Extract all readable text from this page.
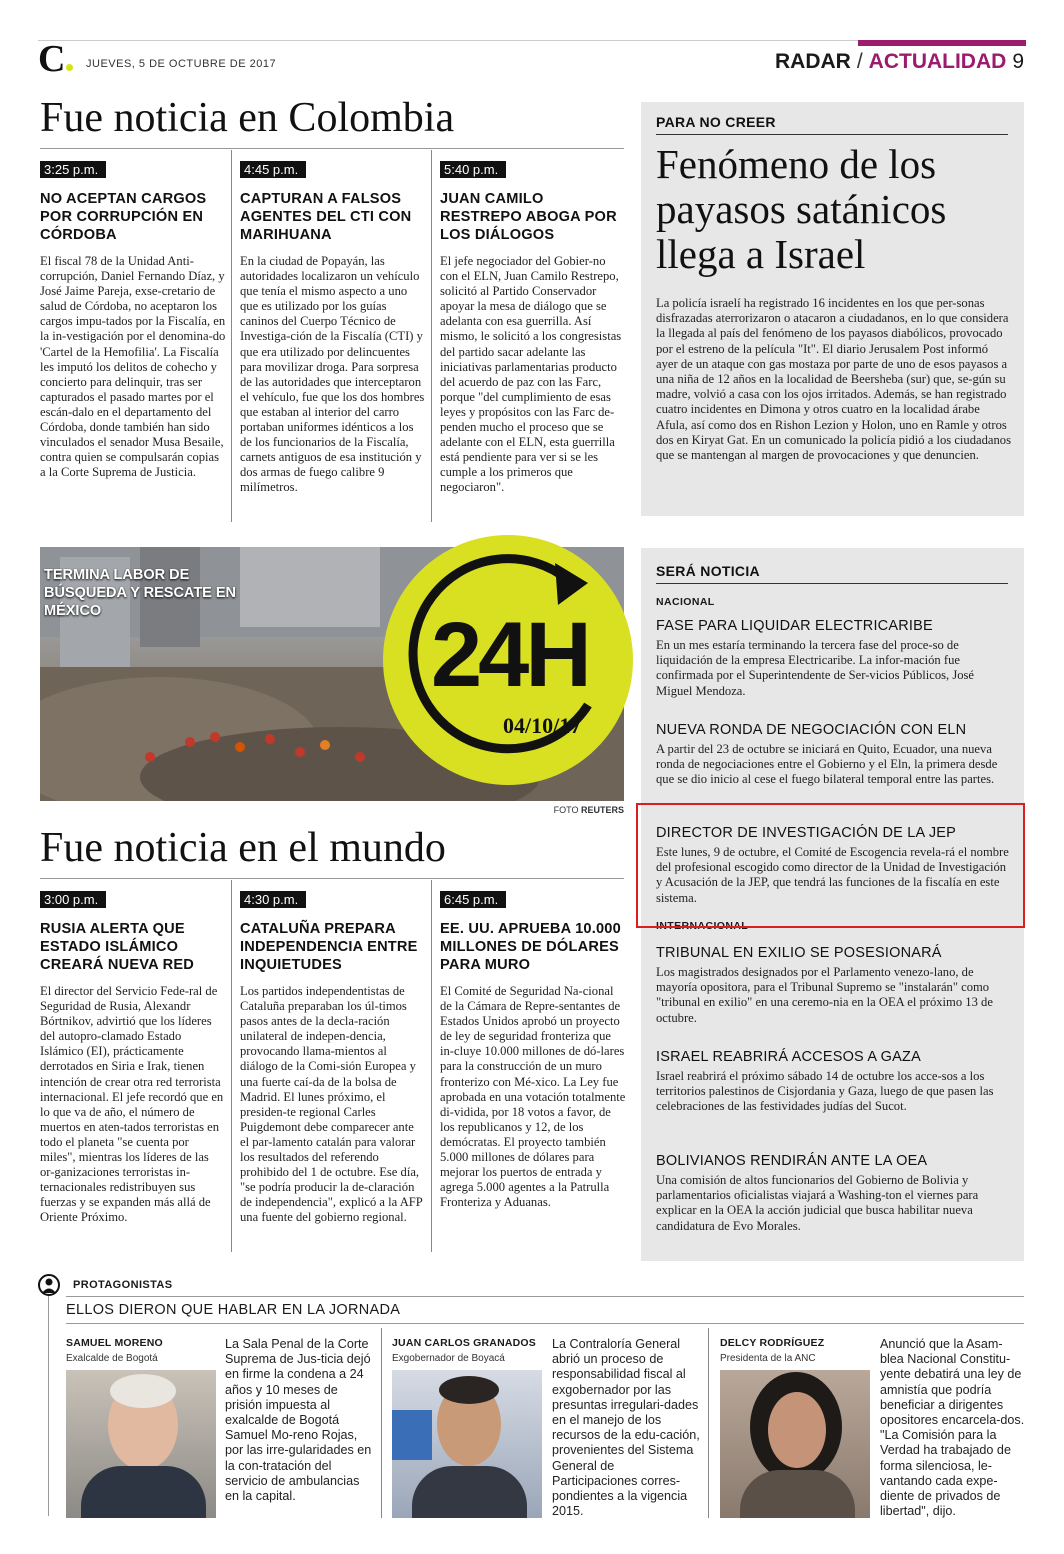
C	JUEVES, 5 DE OCTUBRE DE 2017	RADAR / ACTUALIDAD 9
Fue noticia en Colombia
3:25 p.m.
NO ACEPTAN CARGOS POR CORRUPCIÓN EN CÓRDOBA
El fiscal 78 de la Unidad Anti-corrupción, Daniel Fernando Díaz, y José Jaime Pareja, exse-cretario de salud de Córdoba, no aceptaron los cargos impu-tados por la Fiscalía, en la in-vestigación por el denomina-do 'Cartel de la Hemofilia'. La Fiscalía les imputó los delitos de cohecho y concierto para delinquir, tras ser capturados el pasado martes por el escán-dalo en el departamento del Córdoba, donde también han sido vinculados el senador Musa Besaile, contra quien se compulsarán copias a la Corte Suprema de Justicia.
4:45 p.m.
CAPTURAN A FALSOS AGENTES DEL CTI CON MARIHUANA
En la ciudad de Popayán, las autoridades localizaron un vehículo que tenía el mismo aspecto a uno que es utilizado por los guías caninos del Cuerpo Técnico de Investiga-ción de la Fiscalía (CTI) y que era utilizado por delincuentes para movilizar droga. Para sorpresa de las autoridades que interceptaron el vehículo, fue que los dos hombres que estaban al interior del carro portaban uniformes idénticos a los de los funcionarios de la Fiscalía, carnets antiguos de esa institución y dos armas de fuego calibre 9 milímetros.
5:40 p.m.
JUAN CAMILO RESTREPO ABOGA POR LOS DIÁLOGOS
El jefe negociador del Gobier-no con el ELN, Juan Camilo Restrepo, solicitó al Partido Conservador apoyar la mesa de diálogo que se adelanta con esa guerrilla. Así mismo, le solicitó a los congresistas del partido sacar adelante las iniciativas parlamentarias producto del acuerdo de paz con las Farc, porque "del cumplimiento de esas leyes y propósitos con las Farc de-penden mucho el proceso que se adelante con el ELN, esta guerrilla está pendiente para ver si se les cumple a los primeros que negociaron".
24H
04/10/17
TERMINA LABOR DE BÚSQUEDA Y RESCATE EN MÉXICO
FOTO REUTERS
Fue noticia en el mundo
3:00 p.m.
RUSIA ALERTA QUE ESTADO ISLÁMICO CREARÁ NUEVA RED
El director del Servicio Fede-ral de Seguridad de Rusia, Alexandr Bórtnikov, advirtió que los líderes del autopro-clamado Estado Islámico (EI), prácticamente derrotados en Siria e Irak, tienen intención de crear otra red terrorista internacional. El jefe recordó que en lo que va de año, el número de muertos en aten-tados terroristas en todo el planeta "se cuenta por miles", mientras los líderes de las or-ganizaciones terroristas in-ternacionales redistribuyen sus fuerzas y se expanden más allá de Oriente Próximo.
4:30 p.m.
CATALUÑA PREPARA INDEPENDENCIA ENTRE INQUIETUDES
Los partidos independentistas de Cataluña preparaban los úl-timos pasos antes de la decla-ración unilateral de indepen-dencia, provocando llama-mientos al diálogo de la Comi-sión Europea y una fuerte caí-da de la bolsa de Madrid. El lunes próximo, el presiden-te regional Carles Puigdemont debe comparecer ante el par-lamento catalán para valorar los resultados del referendo prohibido del 1 de octubre. Ese día, "se podría producir la de-claración de independencia", explicó a la AFP una fuente del gobierno regional.
6:45 p.m.
EE. UU. APRUEBA 10.000 MILLONES DE DÓLARES PARA MURO
El Comité de Seguridad Na-cional de la Cámara de Repre-sentantes de Estados Unidos aprobó un proyecto de ley de seguridad fronteriza que in-cluye 10.000 millones de dó-lares para la construcción de un muro fronterizo con Mé-xico. La Ley fue aprobada en una votación totalmente di-vidida, por 18 votos a favor, de los republicanos y 12, de los demócratas. El proyecto también 5.000 millones de dólares para mejorar los puertos de entrada y agrega 5.000 agentes a la Patrulla Fronteriza y Aduanas.
PARA NO CREER
Fenómeno de los payasos satánicos llega a Israel
La policía israelí ha registrado 16 incidentes en los que per-sonas disfrazadas aterrorizaron o atacaron a ciudadanos, en lo que considera la llegada al país del fenómeno de los payasos diabólicos, provocado por el estreno de la película "It". El diario Jerusalem Post informó ayer de un ataque con gas mostaza por parte de uno de esos payasos a una niña de 12 años en la localidad de Beersheba (sur) que, se-gún su madre, volvió a casa con los ojos irritados. Además, se han registrado cuatro incidentes en Dimona y otros cuatro en la localidad árabe Afula, así como dos en Rishon Lezion y Holon, uno en Ramle y otros dos en Kiryat Gat. En un comunicado la policía pidió a los ciudadanos que se mantengan al margen de provocaciones y que denuncien.
SERÁ NOTICIA
NACIONAL
FASE PARA LIQUIDAR ELECTRICARIBE
En un mes estaría terminando la tercera fase del proce-so de liquidación de la empresa Electricaribe. La infor-mación fue confirmada por el Superintendente de Ser-vicios Públicos, José Miguel Mendoza.
NUEVA RONDA DE NEGOCIACIÓN CON ELN
A partir del 23 de octubre se iniciará en Quito, Ecuador, una nueva ronda de negociaciones entre el Gobierno y el Eln, la primera desde que se dio inicio al cese el fuego bilateral temporal entre las partes.
DIRECTOR DE INVESTIGACIÓN DE LA JEP
Este lunes, 9 de octubre, el Comité de Escogencia revela-rá el nombre del profesional escogido como director de la Unidad de Investigación y Acusación de la JEP, que tendrá las funciones de la fiscalía en este sistema.
INTERNACIONAL
TRIBUNAL EN EXILIO SE POSESIONARÁ
Los magistrados designados por el Parlamento venezo-lano, de mayoría opositora, para el Tribunal Supremo se "instalarán" como "tribunal en exilio" en una ceremo-nia en la OEA el próximo 13 de octubre.
ISRAEL REABRIRÁ ACCESOS A GAZA
Israel reabrirá el próximo sábado 14 de octubre los acce-sos a los territorios palestinos de Cisjordania y Gaza, luego de que pasen las celebraciones de las festividades judías del Sucot.
BOLIVIANOS RENDIRÁN ANTE LA OEA
Una comisión de altos funcionarios del Gobierno de Bolivia y parlamentarios oficialistas viajará a Washing-ton el viernes para explicar en la OEA la acción judicial que busca habilitar nueva candidatura de Evo Morales.
PROTAGONISTAS
ELLOS DIERON QUE HABLAR EN LA JORNADA
SAMUEL MORENO
Exalcalde de Bogotá
La Sala Penal de la Corte Suprema de Jus-ticia dejó en firme la condena a 24 años y 10 meses de prisión impuesta al exalcalde de Bogotá Samuel Mo-reno Rojas, por las irre-gularidades en la con-tratación del servicio de ambulancias en la capital.
JUAN CARLOS GRANADOS
Exgobernador de Boyacá
La Contraloría General abrió un proceso de responsabilidad fiscal al exgobernador por las presuntas irregulari-dades en el manejo de los recursos de la edu-cación, provenientes del Sistema General de Participaciones corres-pondientes a la vigencia 2015.
DELCY RODRÍGUEZ
Presidenta de la ANC
Anunció que la Asam-blea Nacional Constitu-yente debatirá una ley de amnistía que podría beneficiar a dirigentes opositores encarcela-dos. "La Comisión para la Verdad ha trabajado de forma silenciosa, le-vantando cada expe-diente de privados de libertad", dijo.
